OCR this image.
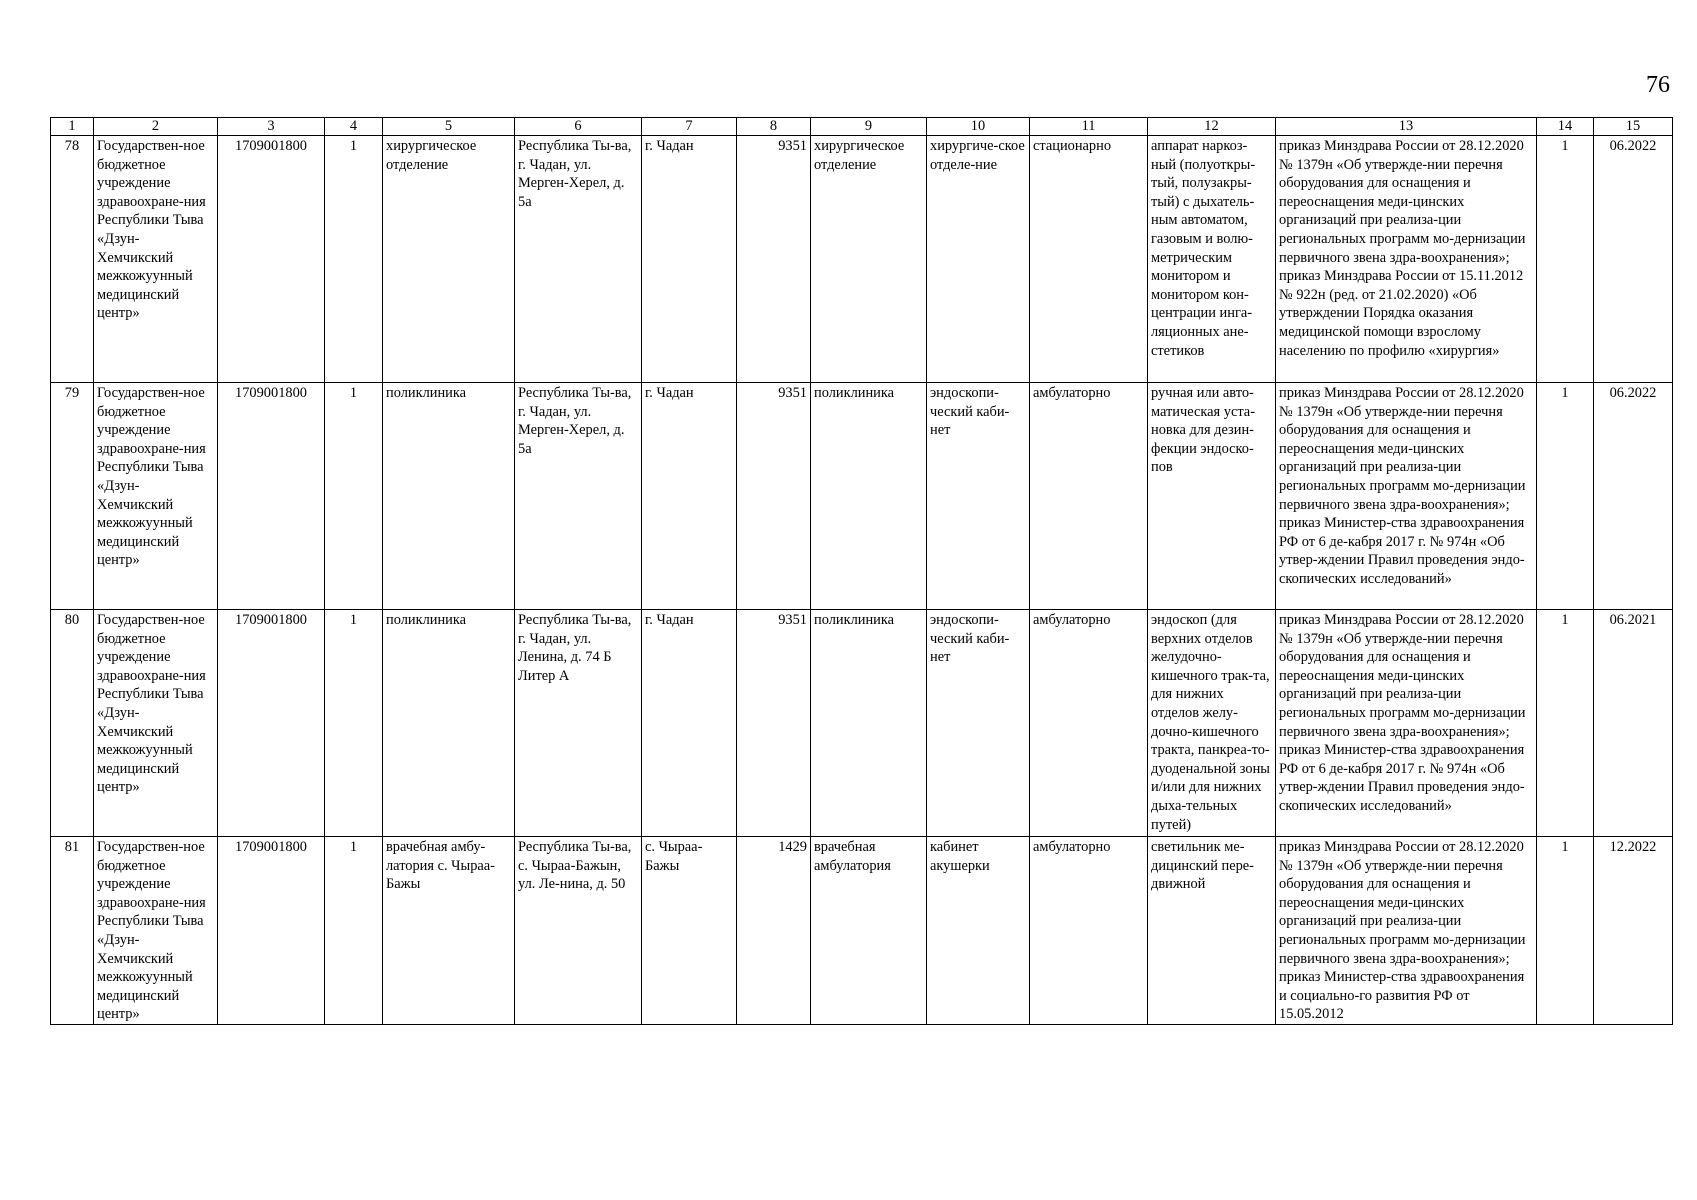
76
1	2	3	4	5	6	7	8	9	10	11	12	13	14	15
78	Государствен-ное бюджетное учреждение здравоохране-ния Республики Тыва «Дзун-Хемчикский межкожуунный медицинский центр»	1709001800	1	хирургическое отделение	Республика Ты-ва, г. Чадан, ул. Мерген-Херел, д. 5а	г. Чадан	9351	хирургическое отделение	хирургиче-ское отделе-ние	стационарно	аппарат наркоз-ный (полуоткры-тый, полузакры-тый) с дыхатель-ным автоматом, газовым и волю-метрическим монитором и монитором кон-центрации инга-ляционных ане-стетиков	приказ Минздрава России от 28.12.2020 № 1379н «Об утвержде-нии перечня оборудования для оснащения и переоснащения меди-цинских организаций при реализа-ции региональных программ мо-дернизации первичного звена здра-воохранения»; приказ Минздрава России от 15.11.2012 № 922н (ред. от 21.02.2020) «Об утверждении Порядка оказания медицинской помощи взрослому населению по профилю «хирургия»	1	06.2022
79	Государствен-ное бюджетное учреждение здравоохране-ния Республики Тыва «Дзун-Хемчикский межкожуунный медицинский центр»	1709001800	1	поликлиника	Республика Ты-ва, г. Чадан, ул. Мерген-Херел, д. 5а	г. Чадан	9351	поликлиника	эндоскопи-ческий каби-нет	амбулаторно	ручная или авто-матическая уста-новка для дезин-фекции эндоско-пов	приказ Минздрава России от 28.12.2020 № 1379н «Об утвержде-нии перечня оборудования для оснащения и переоснащения меди-цинских организаций при реализа-ции региональных программ мо-дернизации первичного звена здра-воохранения»; приказ Министер-ства здравоохранения РФ от 6 де-кабря 2017 г. № 974н «Об утвер-ждении Правил проведения эндо-скопических исследований»	1	06.2022
80	Государствен-ное бюджетное учреждение здравоохране-ния Республики Тыва «Дзун-Хемчикский межкожуунный медицинский центр»	1709001800	1	поликлиника	Республика Ты-ва, г. Чадан, ул. Ленина, д. 74 Б Литер А	г. Чадан	9351	поликлиника	эндоскопи-ческий каби-нет	амбулаторно	эндоскоп (для верхних отделов желудочно-кишечного трак-та, для нижних отделов желу-дочно-кишечного тракта, панкреа-то-дуоденальной зоны и/или для нижних дыха-тельных путей)	приказ Минздрава России от 28.12.2020 № 1379н «Об утвержде-нии перечня оборудования для оснащения и переоснащения меди-цинских организаций при реализа-ции региональных программ мо-дернизации первичного звена здра-воохранения»; приказ Министер-ства здравоохранения РФ от 6 де-кабря 2017 г. № 974н «Об утвер-ждении Правил проведения эндо-скопических исследований»	1	06.2021
81	Государствен-ное бюджетное учреждение здравоохране-ния Республики Тыва «Дзун-Хемчикский межкожуунный медицинский центр»	1709001800	1	врачебная амбу-латория с. Чыраа-Бажы	Республика Ты-ва, с. Чыраа-Бажын, ул. Ле-нина, д. 50	с. Чыраа-Бажы	1429	врачебная амбулатория	кабинет акушерки	амбулаторно	светильник ме-дицинский пере-движной	приказ Минздрава России от 28.12.2020 № 1379н «Об утвержде-нии перечня оборудования для оснащения и переоснащения меди-цинских организаций при реализа-ции региональных программ мо-дернизации первичного звена здра-воохранения»; приказ Министер-ства здравоохранения и социально-го развития РФ от 15.05.2012	1	12.2022
